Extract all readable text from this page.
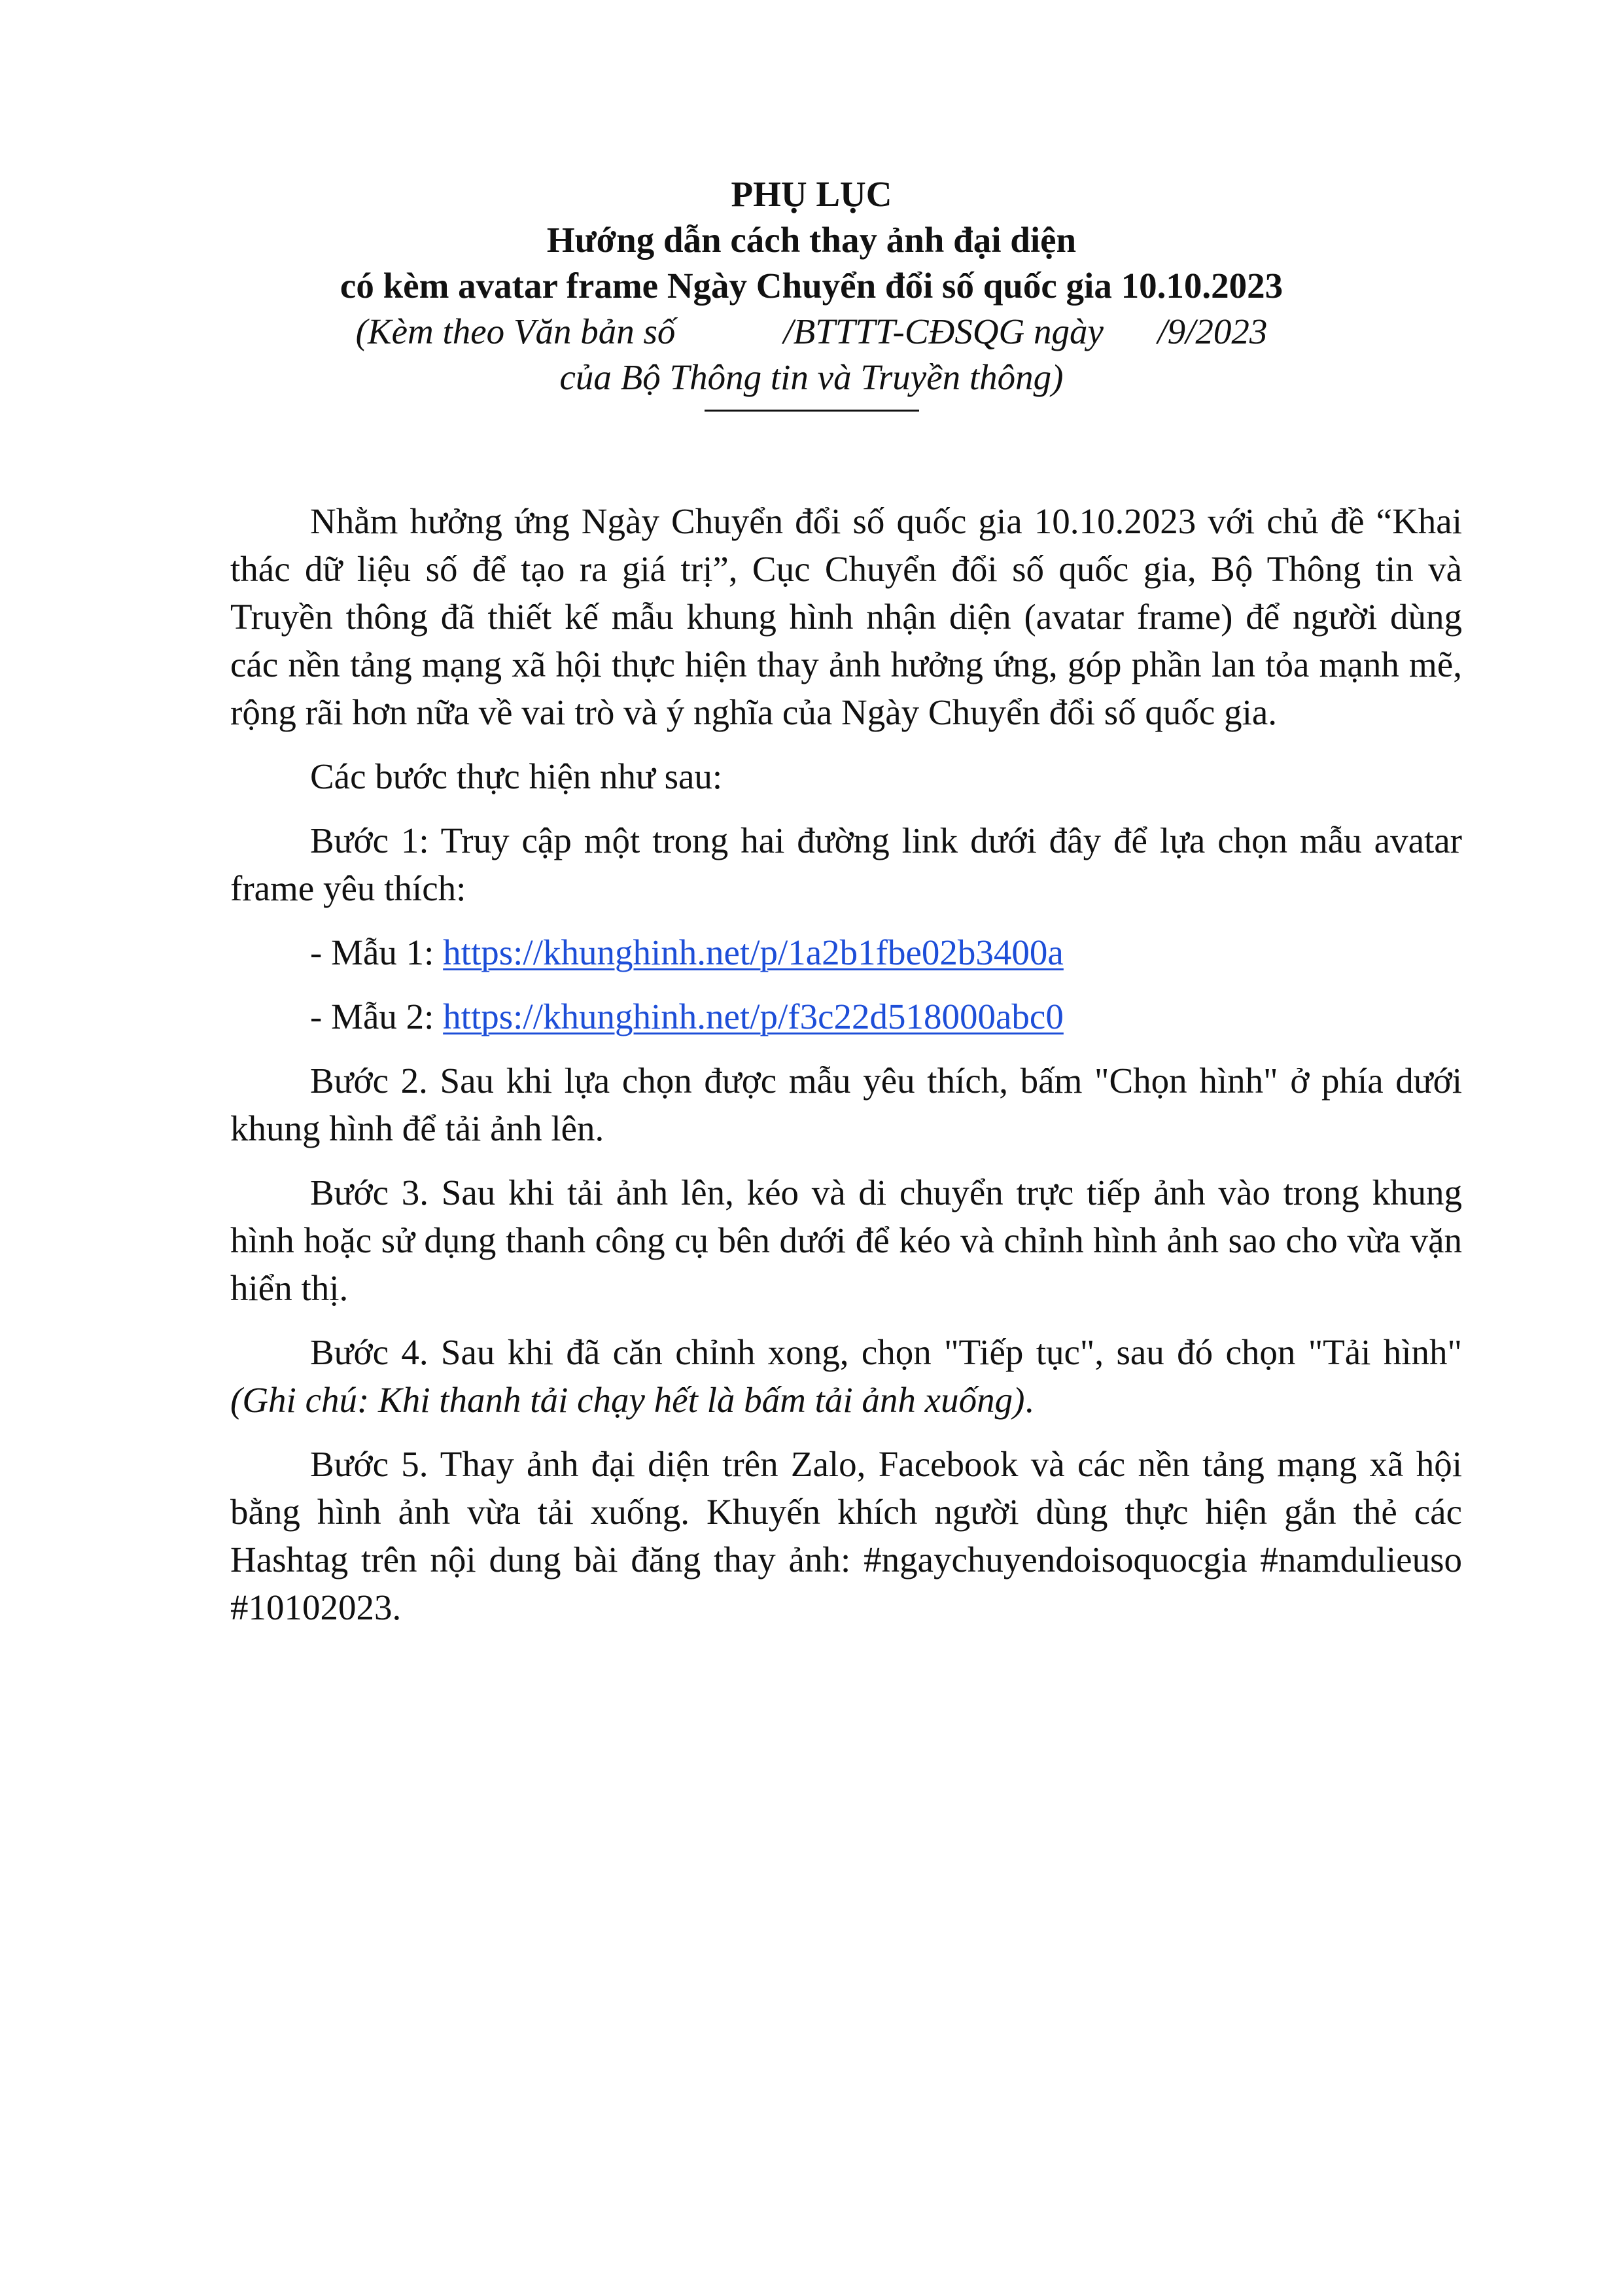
PHỤ LỤC
Hướng dẫn cách thay ảnh đại diện
có kèm avatar frame Ngày Chuyển đổi số quốc gia 10.10.2023
(Kèm theo Văn bản số            /BTTTT-CĐSQG ngày      /9/2023
của Bộ Thông tin và Truyền thông)

Nhằm hưởng ứng Ngày Chuyển đổi số quốc gia 10.10.2023 với chủ đề “Khai thác dữ liệu số để tạo ra giá trị”, Cục Chuyển đổi số quốc gia, Bộ Thông tin và Truyền thông đã thiết kế mẫu khung hình nhận diện (avatar frame) để người dùng các nền tảng mạng xã hội thực hiện thay ảnh hưởng ứng, góp phần lan tỏa mạnh mẽ, rộng rãi hơn nữa về vai trò và ý nghĩa của Ngày Chuyển đổi số quốc gia.

Các bước thực hiện như sau:

Bước 1: Truy cập một trong hai đường link dưới đây để lựa chọn mẫu avatar frame yêu thích:

- Mẫu 1: https://khunghinh.net/p/1a2b1fbe02b3400a

- Mẫu 2: https://khunghinh.net/p/f3c22d518000abc0

Bước 2. Sau khi lựa chọn được mẫu yêu thích, bấm "Chọn hình" ở phía dưới khung hình để tải ảnh lên.

Bước 3. Sau khi tải ảnh lên, kéo và di chuyển trực tiếp ảnh vào trong khung hình hoặc sử dụng thanh công cụ bên dưới để kéo và chỉnh hình ảnh sao cho vừa vặn hiển thị.

Bước 4. Sau khi đã căn chỉnh xong, chọn "Tiếp tục", sau đó chọn "Tải hình" (Ghi chú: Khi thanh tải chạy hết là bấm tải ảnh xuống).

Bước 5. Thay ảnh đại diện trên Zalo, Facebook và các nền tảng mạng xã hội bằng hình ảnh vừa tải xuống. Khuyến khích người dùng thực hiện gắn thẻ các Hashtag trên nội dung bài đăng thay ảnh: #ngaychuyendoisoquocgia #namdulieuso #10102023.
